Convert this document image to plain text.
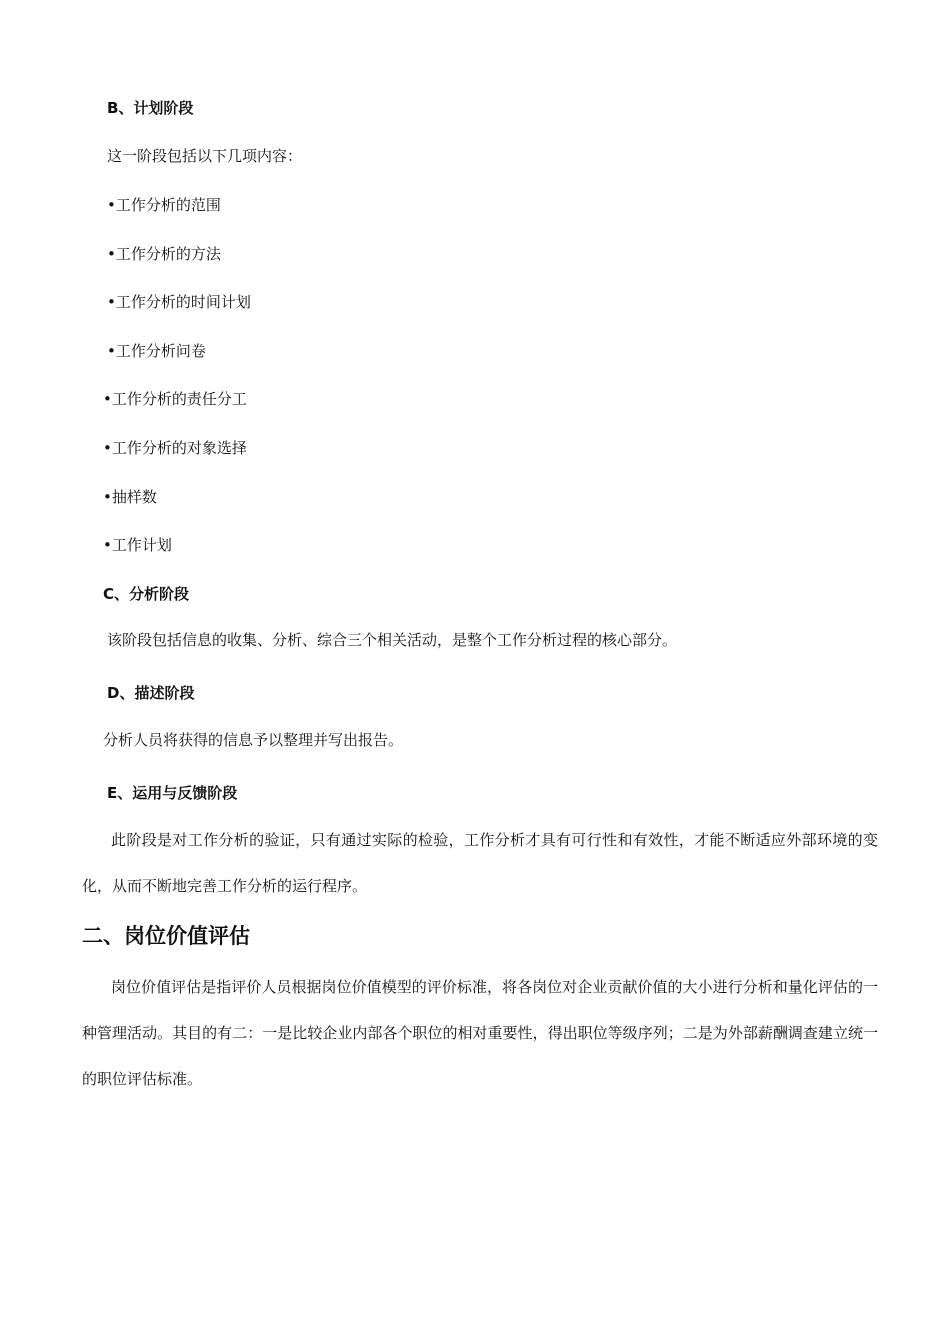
B、计划阶段
这一阶段包括以下几项内容：
•工作分析的范围
•工作分析的方法
•工作分析的时间计划
•工作分析问卷
•工作分析的责任分工
•工作分析的对象选择
•抽样数
•工作计划
C、分析阶段
该阶段包括信息的收集、分析、综合三个相关活动，是整个工作分析过程的核心部分。
D、描述阶段
分析人员将获得的信息予以整理并写出报告。
E、运用与反馈阶段
此阶段是对工作分析的验证，只有通过实际的检验，工作分析才具有可行性和有效性，才能不断适应外部环境的变化，从而不断地完善工作分析的运行程序。
二、岗位价值评估
岗位价值评估是指评价人员根据岗位价值模型的评价标准，将各岗位对企业贡献价值的大小进行分析和量化评估的一种管理活动。其目的有二：一是比较企业内部各个职位的相对重要性，得出职位等级序列；二是为外部薪酬调查建立统一的职位评估标准。
